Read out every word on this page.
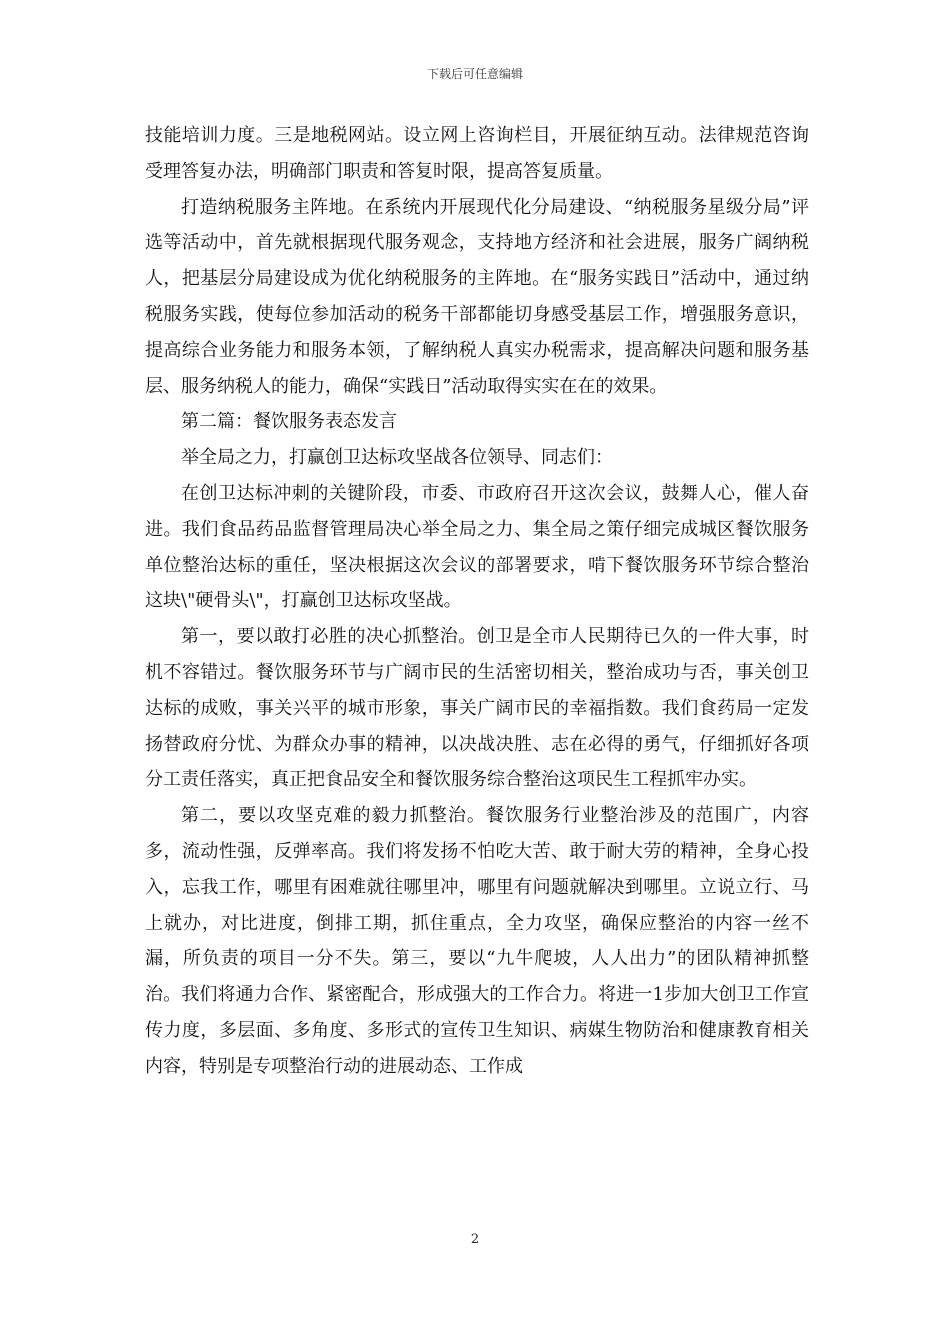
下载后可任意编辑

技能培训力度。三是地税网站。设立网上咨询栏目，开展征纳互动。法律规范咨询受理答复办法，明确部门职责和答复时限，提高答复质量。

打造纳税服务主阵地。在系统内开展现代化分局建设、“纳税服务星级分局”评选等活动中，首先就根据现代服务观念，支持地方经济和社会进展，服务广阔纳税人，把基层分局建设成为优化纳税服务的主阵地。在“服务实践日”活动中，通过纳税服务实践，使每位参加活动的税务干部都能切身感受基层工作，增强服务意识，提高综合业务能力和服务本领，了解纳税人真实办税需求，提高解决问题和服务基层、服务纳税人的能力，确保“实践日”活动取得实实在在的效果。

第二篇：餐饮服务表态发言

举全局之力，打赢创卫达标攻坚战各位领导、同志们：

在创卫达标冲刺的关键阶段，市委、市政府召开这次会议，鼓舞人心，催人奋进。我们食品药品监督管理局决心举全局之力、集全局之策仔细完成城区餐饮服务单位整治达标的重任，坚决根据这次会议的部署要求，啃下餐饮服务环节综合整治这块\"硬骨头\"，打赢创卫达标攻坚战。

第一，要以敢打必胜的决心抓整治。创卫是全市人民期待已久的一件大事，时机不容错过。餐饮服务环节与广阔市民的生活密切相关，整治成功与否，事关创卫达标的成败，事关兴平的城市形象，事关广阔市民的幸福指数。我们食药局一定发扬替政府分忧、为群众办事的精神，以决战决胜、志在必得的勇气，仔细抓好各项分工责任落实，真正把食品安全和餐饮服务综合整治这项民生工程抓牢办实。

第二，要以攻坚克难的毅力抓整治。餐饮服务行业整治涉及的范围广，内容多，流动性强，反弹率高。我们将发扬不怕吃大苦、敢于耐大劳的精神，全身心投入，忘我工作，哪里有困难就往哪里冲，哪里有问题就解决到哪里。立说立行、马上就办，对比进度，倒排工期，抓住重点，全力攻坚，确保应整治的内容一丝不漏，所负责的项目一分不失。第三，要以“九牛爬坡，人人出力”的团队精神抓整治。我们将通力合作、紧密配合，形成强大的工作合力。将进一1步加大创卫工作宣传力度，多层面、多角度、多形式的宣传卫生知识、病媒生物防治和健康教育相关内容，特别是专项整治行动的进展动态、工作成

2
